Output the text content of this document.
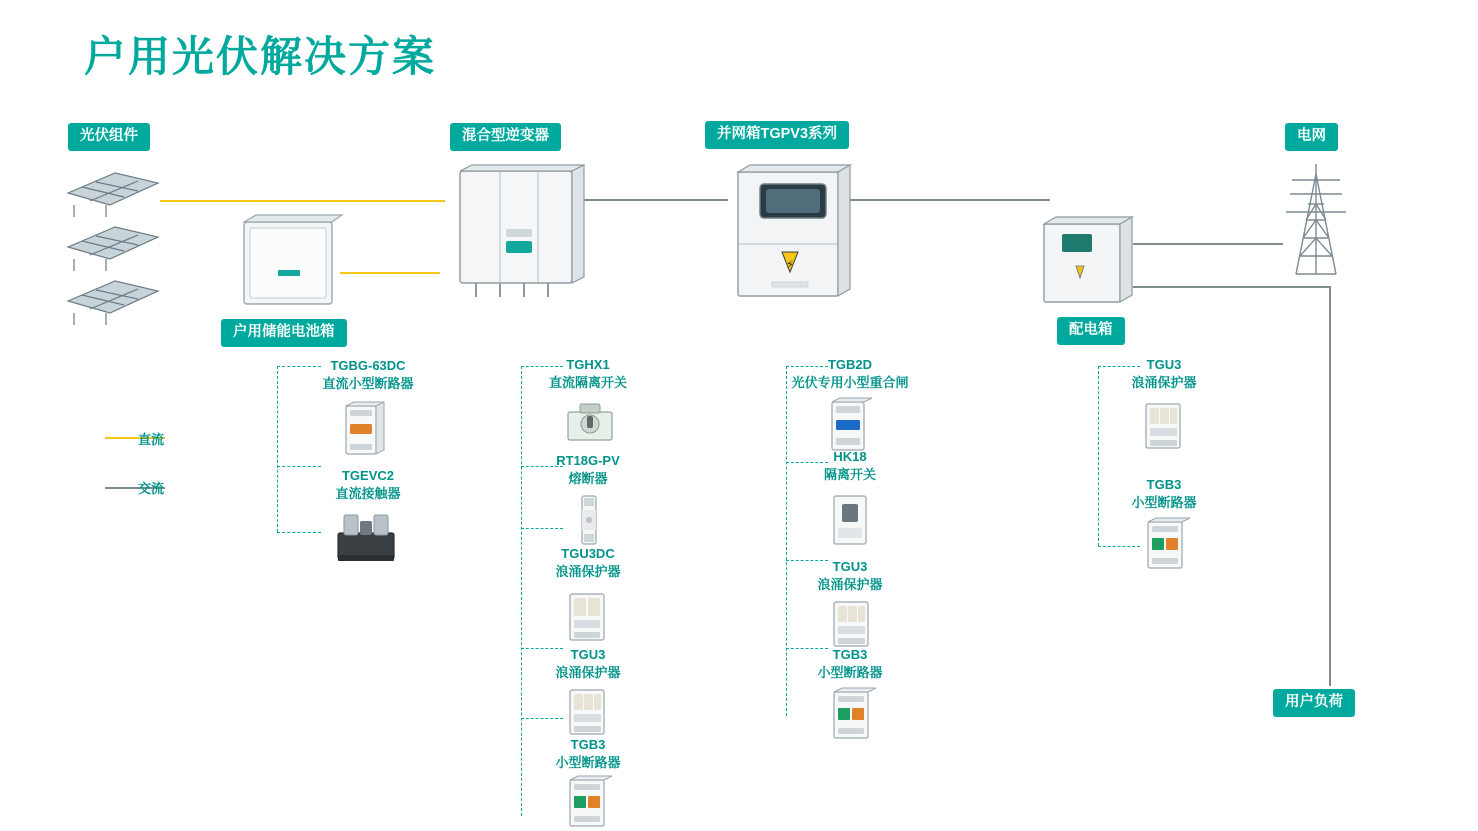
户用光伏解决方案
光伏组件	混合型逆变器	并网箱TGPV3系列	电网
户用储能电池箱	配电箱
用户负荷
直流
交流
⚡
TGBG-63DC
直流小型断路器
TGEVC2
直流接触器
TGHX1
直流隔离开关
RT18G-PV
熔断器
TGU3DC
浪涌保护器
TGU3
浪涌保护器
TGB3
小型断路器
TGB2D
光伏专用小型重合闸
HK18
隔离开关
TGU3
浪涌保护器
TGB3
小型断路器
TGU3
浪涌保护器
TGB3
小型断路器
